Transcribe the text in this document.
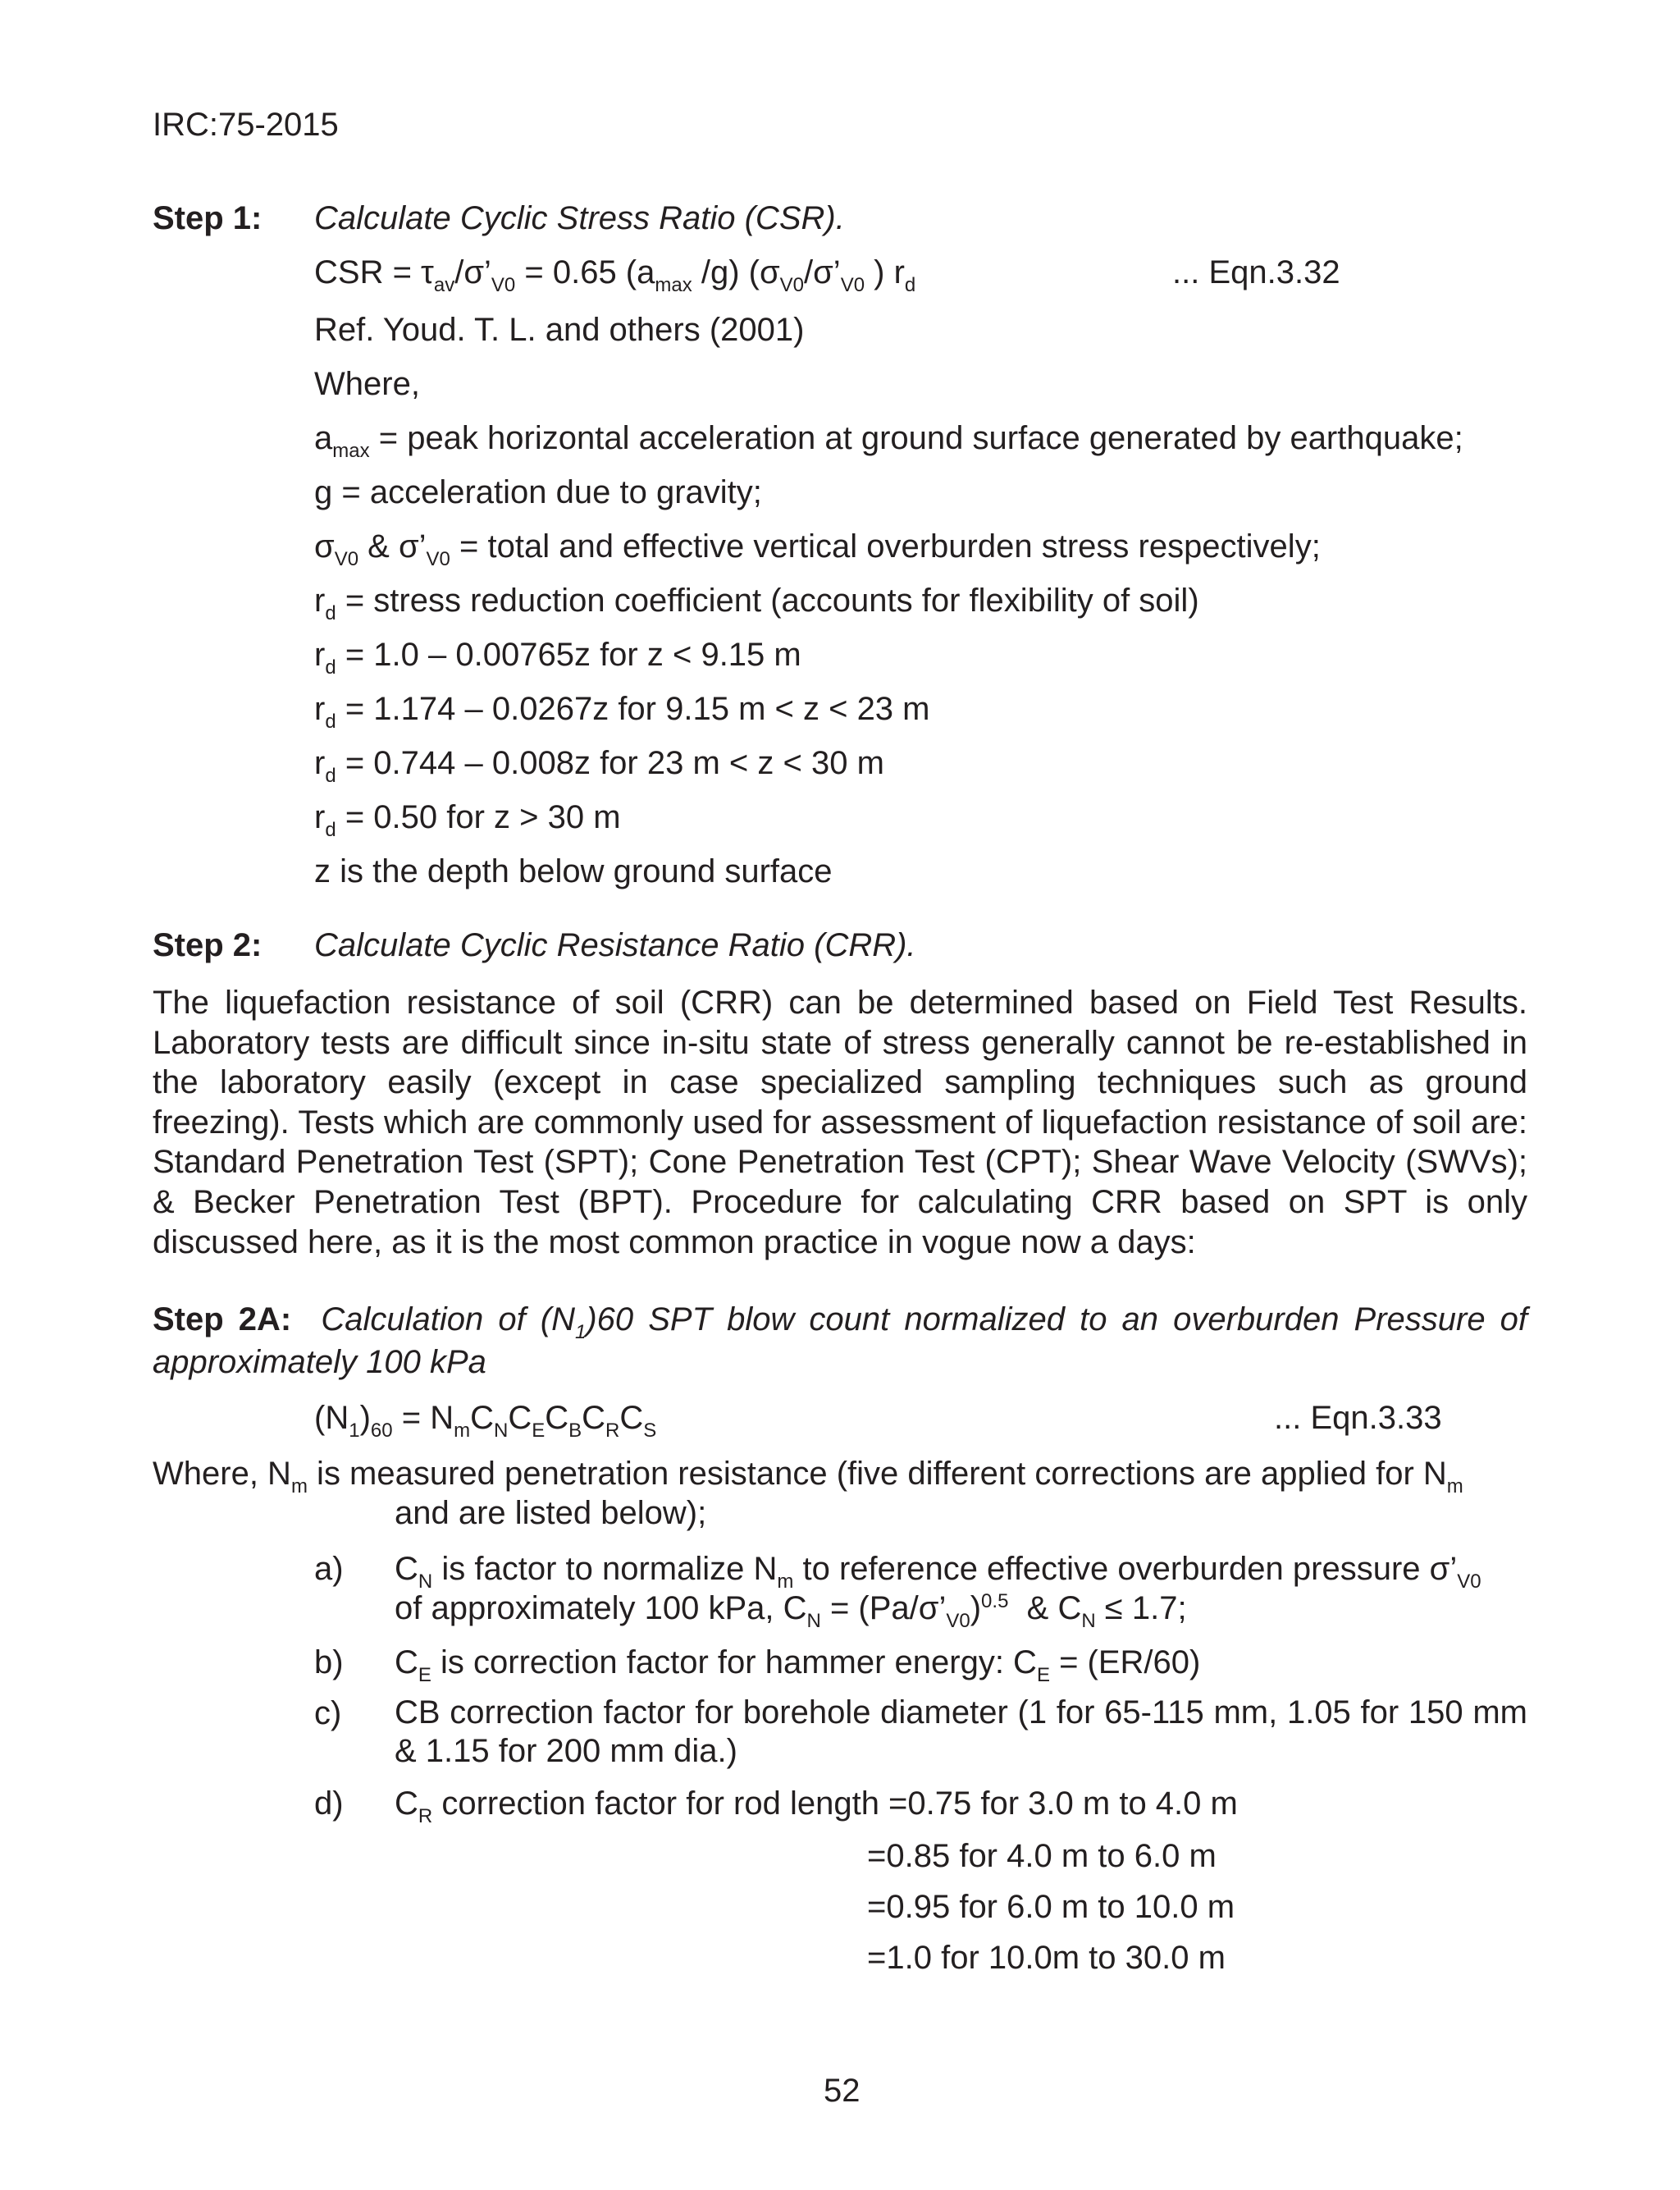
IRC:75-2015
Step 1: Calculate Cyclic Stress Ratio (CSR).
CSR = $\tau_{av}/\sigma’_{V0} = 0.65$ ($a_{max}$ /g) ($\sigma_{V0}/\sigma’_{V0}$ ) $r_d$	... Eqn.3.32
Ref. Youd. T. L. and others (2001)
Where,
$a_{max}$ = peak horizontal acceleration at ground surface generated by earthquake;
g = acceleration due to gravity;
$\sigma_{V0}$ & $\sigma’_{V0}$ = total and effective vertical overburden stress respectively;
$r_d$ = stress reduction coefficient (accounts for flexibility of soil)
$r_d = 1.0 - 0.00765z$ for z < 9.15 m
$r_d = 1.174 - 0.0267z$ for 9.15 m < z < 23 m
$r_d = 0.744 - 0.008z$ for 23 m < z < 30 m
$r_d = 0.50$ for z > 30 m
z is the depth below ground surface
Step 2: Calculate Cyclic Resistance Ratio (CRR).
The liquefaction resistance of soil (CRR) can be determined based on Field Test Results. Laboratory tests are difficult since in-situ state of stress generally cannot be re-established in the laboratory easily (except in case specialized sampling techniques such as ground freezing). Tests which are commonly used for assessment of liquefaction resistance of soil are: Standard Penetration Test (SPT); Cone Penetration Test (CPT); Shear Wave Velocity (SWVs); & Becker Penetration Test (BPT). Procedure for calculating CRR based on SPT is only discussed here, as it is the most common practice in vogue now a days:
Step 2A: Calculation of $(N_1)60$ SPT blow count normalized to an overburden Pressure of approximately 100 kPa
$(N_1)_{60} = N_mC_NC_EC_BC_RC_S$	... Eqn.3.33
Where, $N_m$ is measured penetration resistance (five different corrections are applied for $N_m$
and are listed below);
a) $C_N$ is factor to normalize $N_m$ to reference effective overburden pressure $\sigma’_{V0}$
of approximately 100 kPa, $C_N$ = $(Pa/\sigma’_{V0})^{0.5}$  & $C_N \le 1.7$;
b) $C_E$ is correction factor for hammer energy: $C_E = (ER/60)$
c) CB correction factor for borehole diameter (1 for 65-115 mm, 1.05 for 150 mm & 1.15 for 200 mm dia.)
d) $C_R$ correction factor for rod length =0.75 for 3.0 m to 4.0 m
=0.85 for 4.0 m to 6.0 m
=0.95 for 6.0 m to 10.0 m
=1.0 for 10.0m to 30.0 m
52
